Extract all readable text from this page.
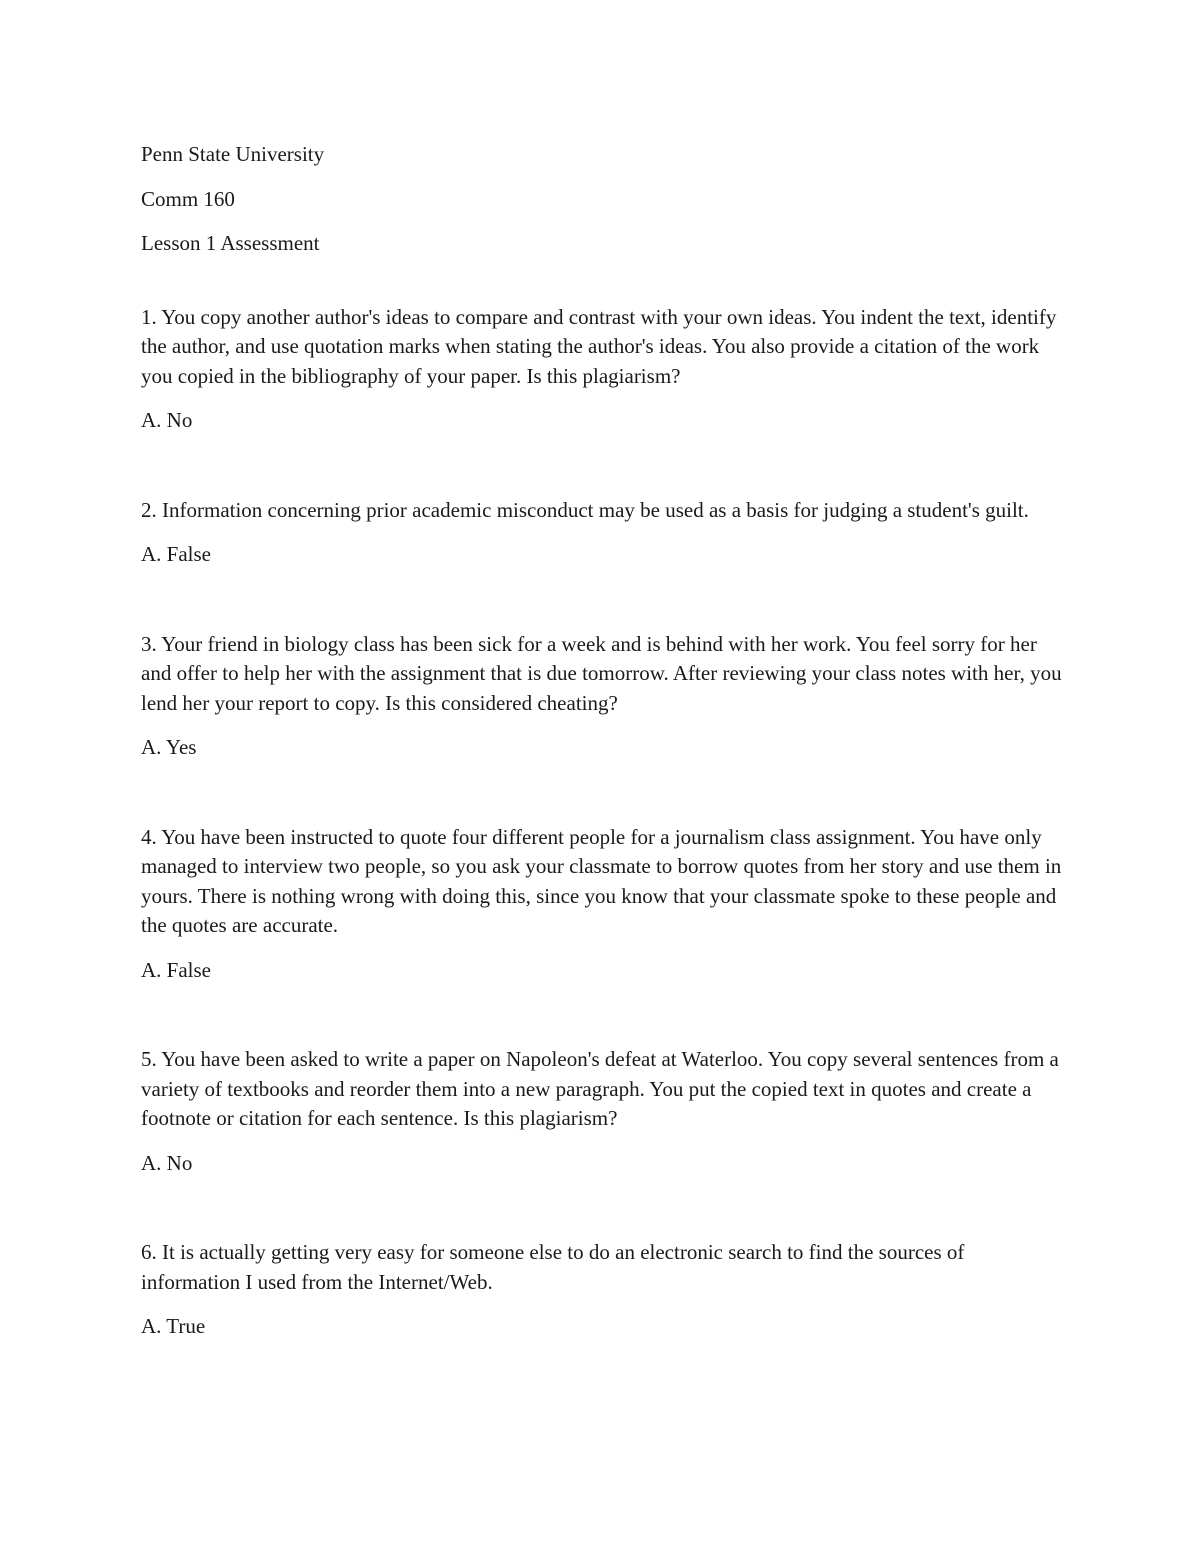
Penn State University

Comm 160

Lesson 1 Assessment

1. You copy another author's ideas to compare and contrast with your own ideas. You indent the text, identify the author, and use quotation marks when stating the author's ideas. You also provide a citation of the work you copied in the bibliography of your paper. Is this plagiarism?

A. No

2. Information concerning prior academic misconduct may be used as a basis for judging a student's guilt.

A. False

3. Your friend in biology class has been sick for a week and is behind with her work. You feel sorry for her and offer to help her with the assignment that is due tomorrow. After reviewing your class notes with her, you lend her your report to copy. Is this considered cheating?

A. Yes

4. You have been instructed to quote four different people for a journalism class assignment. You have only managed to interview two people, so you ask your classmate to borrow quotes from her story and use them in yours. There is nothing wrong with doing this, since you know that your classmate spoke to these people and the quotes are accurate.

A. False

5. You have been asked to write a paper on Napoleon's defeat at Waterloo. You copy several sentences from a variety of textbooks and reorder them into a new paragraph. You put the copied text in quotes and create a footnote or citation for each sentence. Is this plagiarism?

A. No

6. It is actually getting very easy for someone else to do an electronic search to find the sources of information I used from the Internet/Web.

A. True
